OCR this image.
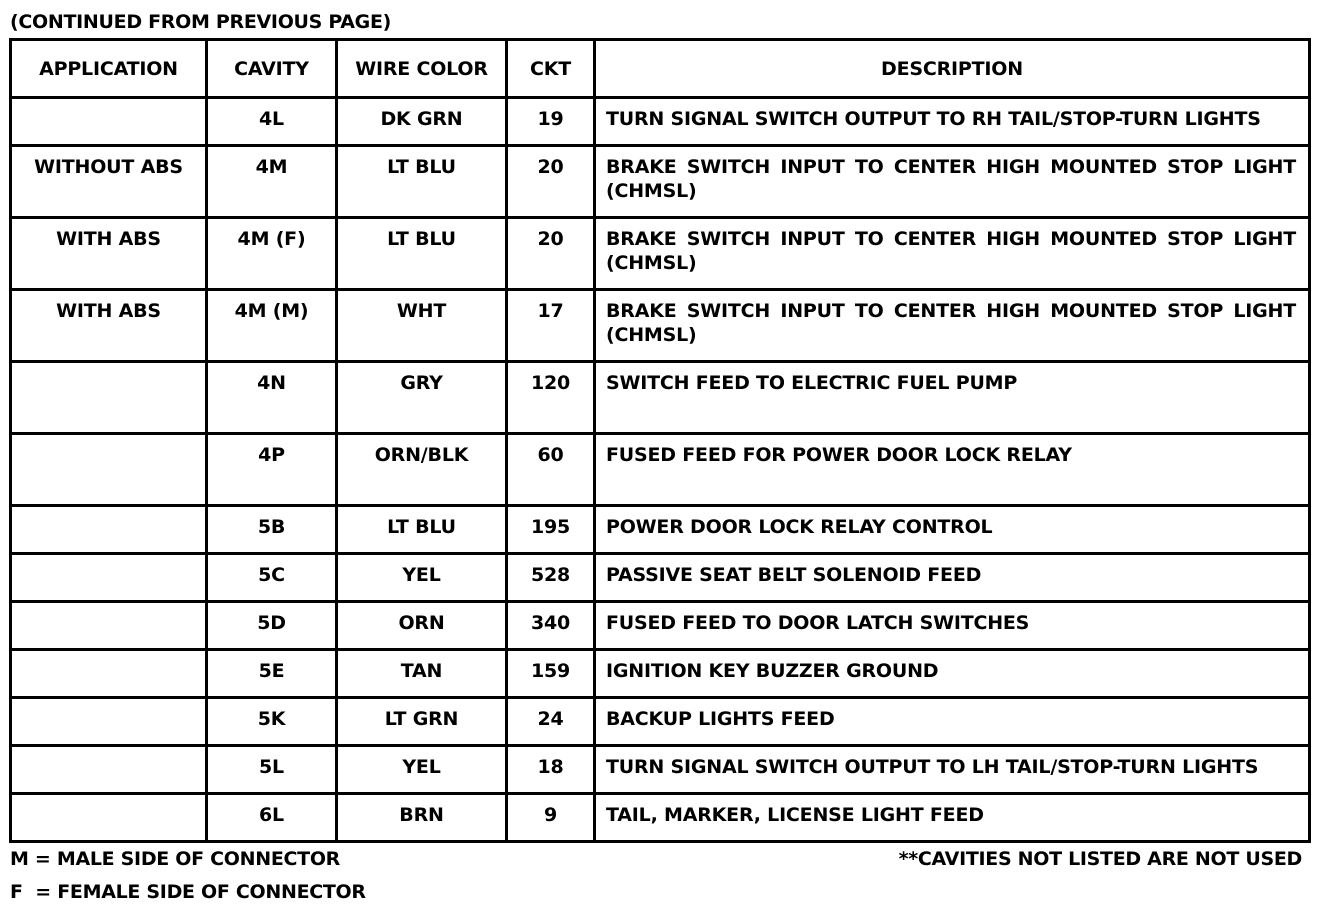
(CONTINUED FROM PREVIOUS PAGE)
APPLICATION	CAVITY	WIRE COLOR	CKT	DESCRIPTION
	4L	DK GRN	19	TURN SIGNAL SWITCH OUTPUT TO RH TAIL/STOP-TURN LIGHTS
WITHOUT ABS	4M	LT BLU	20	BRAKE SWITCH INPUT TO CENTER HIGH MOUNTED STOP LIGHT (CHMSL)
WITH ABS	4M (F)	LT BLU	20	BRAKE SWITCH INPUT TO CENTER HIGH MOUNTED STOP LIGHT (CHMSL)
WITH ABS	4M (M)	WHT	17	BRAKE SWITCH INPUT TO CENTER HIGH MOUNTED STOP LIGHT (CHMSL)
	4N	GRY	120	SWITCH FEED TO ELECTRIC FUEL PUMP
	4P	ORN/BLK	60	FUSED FEED FOR POWER DOOR LOCK RELAY
	5B	LT BLU	195	POWER DOOR LOCK RELAY CONTROL
	5C	YEL	528	PASSIVE SEAT BELT SOLENOID FEED
	5D	ORN	340	FUSED FEED TO DOOR LATCH SWITCHES
	5E	TAN	159	IGNITION KEY BUZZER GROUND
	5K	LT GRN	24	BACKUP LIGHTS FEED
	5L	YEL	18	TURN SIGNAL SWITCH OUTPUT TO LH TAIL/STOP-TURN LIGHTS
	6L	BRN	9	TAIL, MARKER, LICENSE LIGHT FEED
M = MALE SIDE OF CONNECTOR
F  = FEMALE SIDE OF CONNECTOR
**CAVITIES NOT LISTED ARE NOT USED
